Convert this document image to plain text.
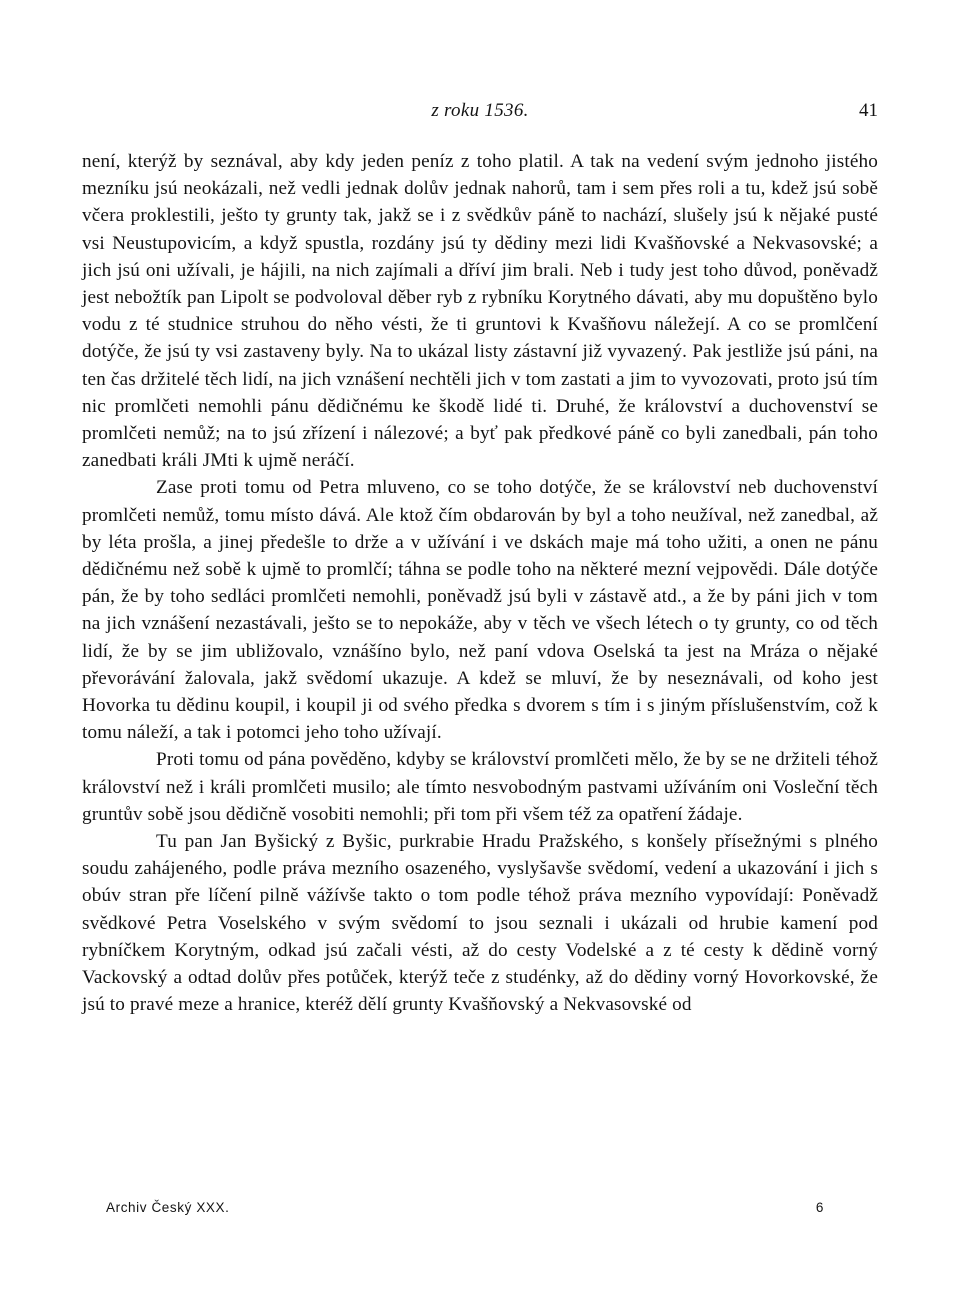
z roku 1536.	41

není, kterýž by seznával, aby kdy jeden peníz z toho platil. A tak na vedení svým jednoho jistého mezníku jsú neokázali, než vedli jednak dolův jednak nahorů, tam i sem přes roli a tu, kdež jsú sobě včera proklestili, ješto ty grunty tak, jakž se i z svědkův páně to nachází, slušely jsú k nějaké pusté vsi Neustupovicím, a když spustla, rozdány jsú ty dědiny mezi lidi Kvašňovské a Nekvasovské; a jich jsú oni užívali, je hájili, na nich zajímali a dříví jim brali. Neb i tudy jest toho důvod, poněvadž jest nebožtík pan Lipolt se podvoloval děber ryb z rybníku Korytného dávati, aby mu dopuštěno bylo vodu z té studnice struhou do něho vésti, že ti gruntovi k Kvašňovu náležejí. A co se promlčení dotýče, že jsú ty vsi zastaveny byly. Na to ukázal listy zástavní již vyvazený. Pak jestliže jsú páni, na ten čas držitelé těch lidí, na jich vznášení nechtěli jich v tom zastati a jim to vyvozovati, proto jsú tím nic promlčeti nemohli pánu dědičnému ke škodě lidé ti. Druhé, že království a duchovenství se promlčeti nemůž; na to jsú zřízení i nálezové; a byť pak předkové páně co byli zanedbali, pán toho zanedbati králi JMti k ujmě neráčí.

Zase proti tomu od Petra mluveno, co se toho dotýče, že se království neb duchovenství promlčeti nemůž, tomu místo dává. Ale ktož čím obdarován by byl a toho neužíval, než zanedbal, až by léta prošla, a jinej předešle to drže a v užívání i ve dskách maje má toho užiti, a onen ne pánu dědičnému než sobě k ujmě to promlčí; táhna se podle toho na některé mezní vejpovědi. Dále dotýče pán, že by toho sedláci promlčeti nemohli, poněvadž jsú byli v zástavě atd., a že by páni jich v tom na jich vznášení nezastávali, ješto se to nepokáže, aby v těch ve všech létech o ty grunty, co od těch lidí, že by se jim ubližovalo, vznášíno bylo, než paní vdova Oselská ta jest na Mráza o nějaké převorávání žalovala, jakž svědomí ukazuje. A kdež se mluví, že by neseznávali, od koho jest Hovorka tu dědinu koupil, i koupil ji od svého předka s dvorem s tím i s jiným příslušenstvím, což k tomu náleží, a tak i potomci jeho toho užívají.

Proti tomu od pána pověděno, kdyby se království promlčeti mělo, že by se ne držiteli téhož království než i králi promlčeti musilo; ale tímto nesvobodným pastvami užíváním oni Vosleční těch gruntův sobě jsou dědičně vosobiti nemohli; při tom při všem též za opatření žádaje.

Tu pan Jan Byšický z Byšic, purkrabie Hradu Pražského, s konšely přísežnými s plného soudu zahájeného, podle práva mezního osazeného, vyslyšavše svědomí, vedení a ukazování i jich s obúv stran pře líčení pilně vážívše takto o tom podle téhož práva mezního vypovídají: Poněvadž svědkové Petra Voselského v svým svědomí to jsou seznali i ukázali od hrubie kamení pod rybníčkem Korytným, odkad jsú začali vésti, až do cesty Vodelské a z té cesty k dědině vorný Vackovský a odtad dolův přes potůček, kterýž teče z studénky, až do dědiny vorný Hovorkovské, že jsú to pravé meze a hranice, kteréž dělí grunty Kvašňovský a Nekvasovské od

Archiv Český XXX.	6
